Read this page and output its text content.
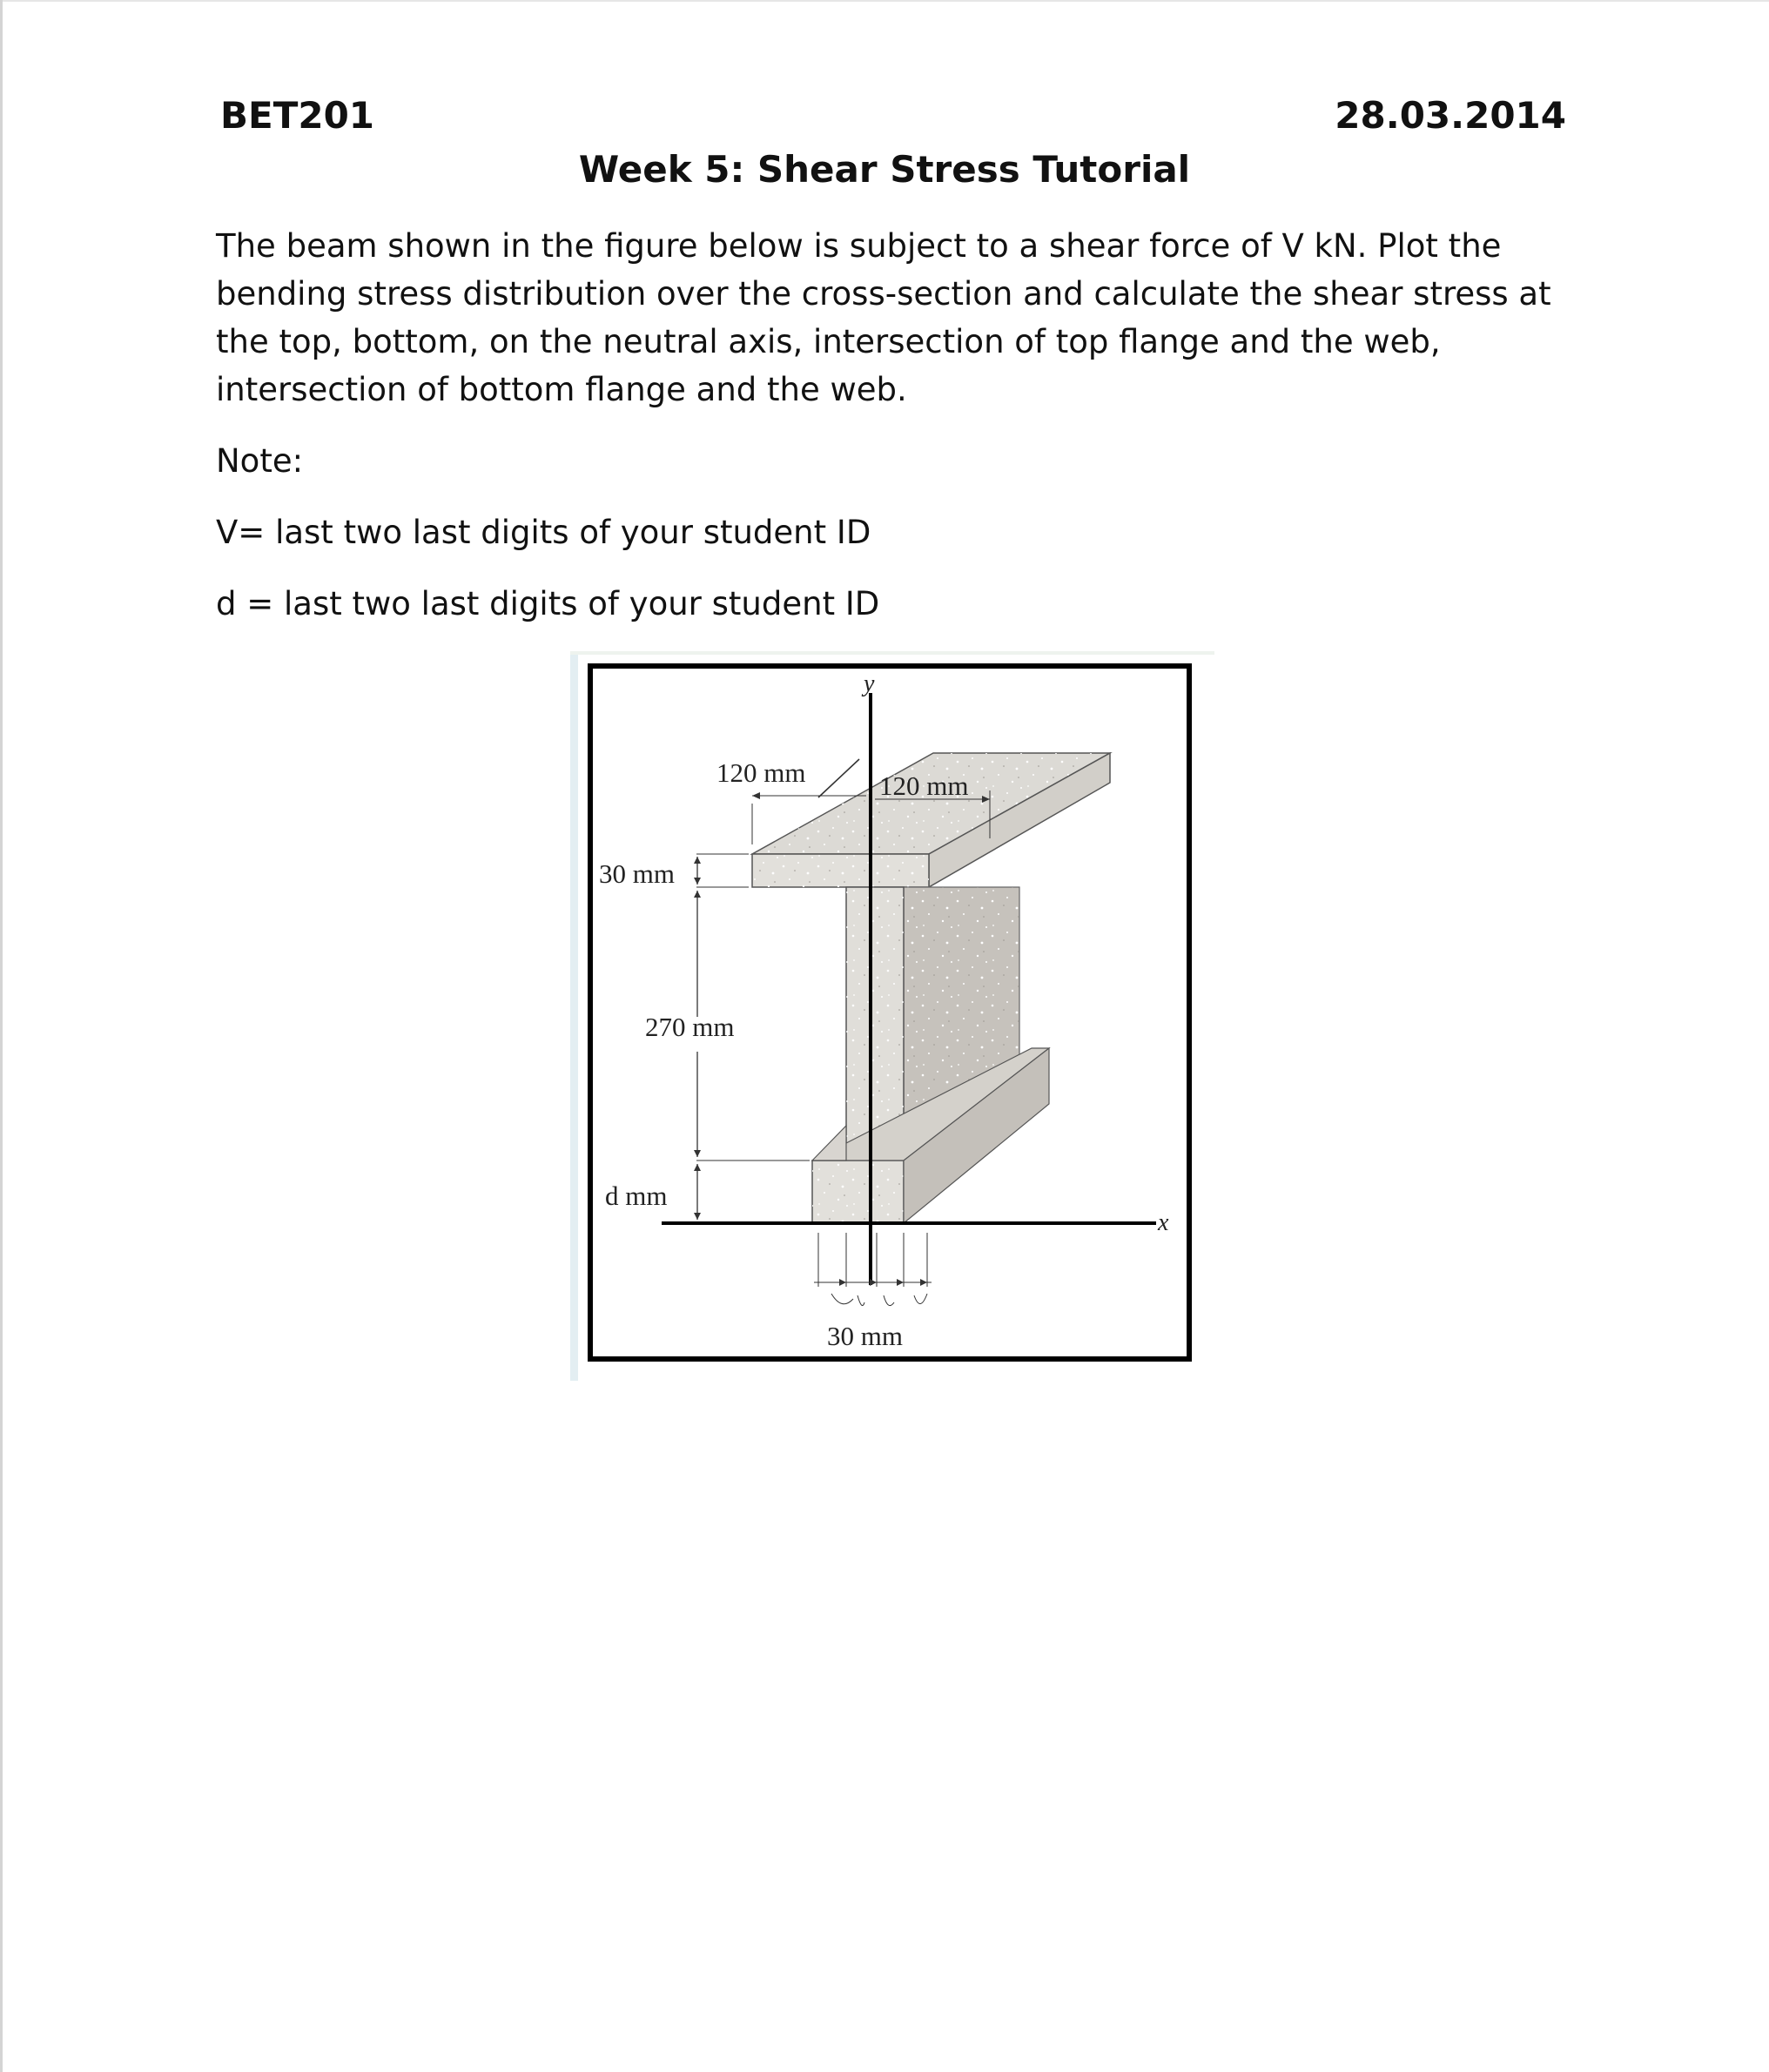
BET201	28.03.2014
Week 5: Shear Stress Tutorial

The beam shown in the figure below is subject to a shear force of V kN. Plot the bending stress distribution over the cross-section and calculate the shear stress at the top, bottom, on the neutral axis, intersection of top flange and the web, intersection of bottom flange and the web.

Note:

V= last two last digits of your student ID

d = last two last digits of your student ID

y
x
120 mm	120 mm
30 mm
270 mm
d mm
30 mm
